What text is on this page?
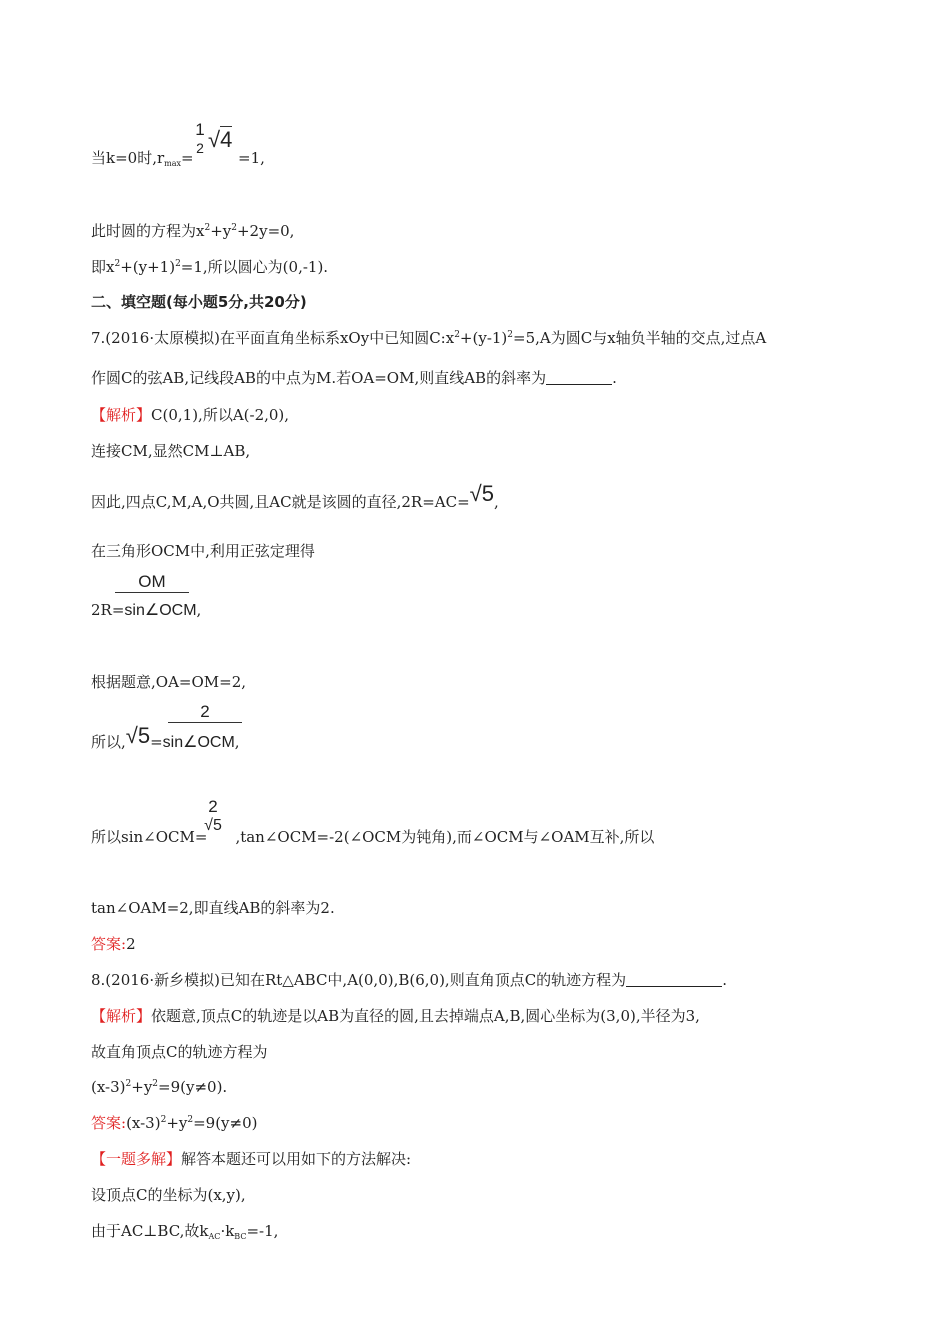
当k=0时$,r_{max}=$
1
2 √4
=1,
此时圆的方程为$x^2+y^2+2y=0$,
即$x^2+(y+1)^2=1$,所以圆心为(0,-1).
二、填空题(每小题5分,共20分)
7.(2016·太原模拟)在平面直角坐标系xOy中已知圆$C:x^2+(y-1)^2=5,A$为圆C与x轴负半轴的交点,过点A
作圆C的弦AB,记线段AB的中点为M.若OA=OM,则直线AB的斜率为	.
【解析】C(0,1),所以A(-2,0),
连接CM,显然CM⊥AB,
因此,四点C,M,A,O共圆,且AC就是该圆的直径,2R=AC=√5,
在三角形OCM中,利用正弦定理得
OM
2R=sin∠OCM,
根据题意,OA=OM=2,
2
所以,√5=sin∠OCM,
2
√5
所以sin∠OCM= ,tan∠OCM=-2(∠OCM为钝角),而∠OCM与∠OAM互补,所以
tan∠OAM=2,即直线AB的斜率为2.
答案:2
8.(2016·新乡模拟)已知在Rt△ABC中,A(0,0),B(6,0),则直角顶点C的轨迹方程为	.
【解析】依题意,顶点C的轨迹是以AB为直径的圆,且去掉端点A,B,圆心坐标为(3,0),半径为3,
故直角顶点C的轨迹方程为
$(x-3)^2+y^2=9(y\ne 0)$.
答案$:(x-3)^2+y^2=9(y\ne 0)$
【一题多解】解答本题还可以用如下的方法解决:
设顶点C的坐标为(x,y),
由于AC⊥BC,故$k_{AC}\cdot k_{BC}=-1$,
